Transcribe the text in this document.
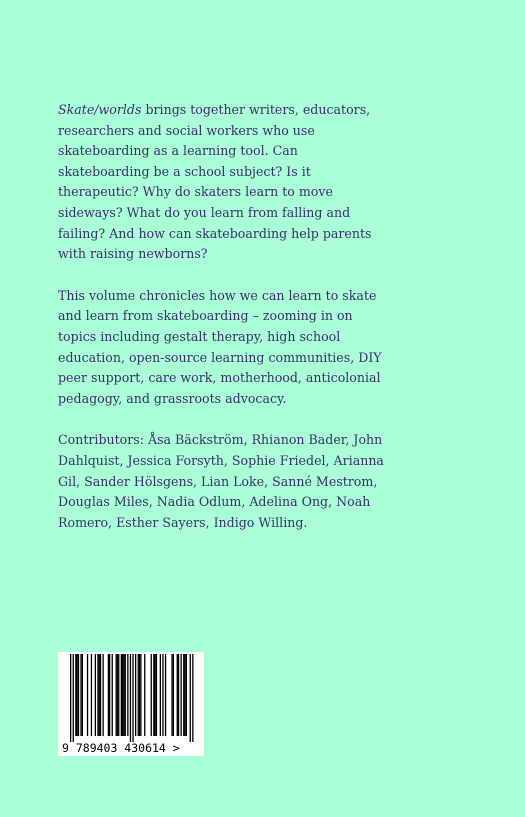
Skate/worlds brings together writers, educators, researchers and social workers who use skateboarding as a learning tool. Can skateboarding be a school subject? Is it therapeutic? Why do skaters learn to move sideways? What do you learn from falling and failing? And how can skateboarding help parents with raising newborns?

This volume chronicles how we can learn to skate and learn from skateboarding – zooming in on topics including gestalt therapy, high school education, open-source learning communities, DIY peer support, care work, motherhood, anticolonial pedagogy, and grassroots advocacy.

Contributors: Åsa Bäckström, Rhianon Bader, John Dahlquist, Jessica Forsyth, Sophie Friedel, Arianna Gil, Sander Hölsgens, Lian Loke, Sanné Mestrom, Douglas Miles, Nadia Odlum, Adelina Ong, Noah Romero, Esther Sayers, Indigo Willing.

9 789403 430614 >
